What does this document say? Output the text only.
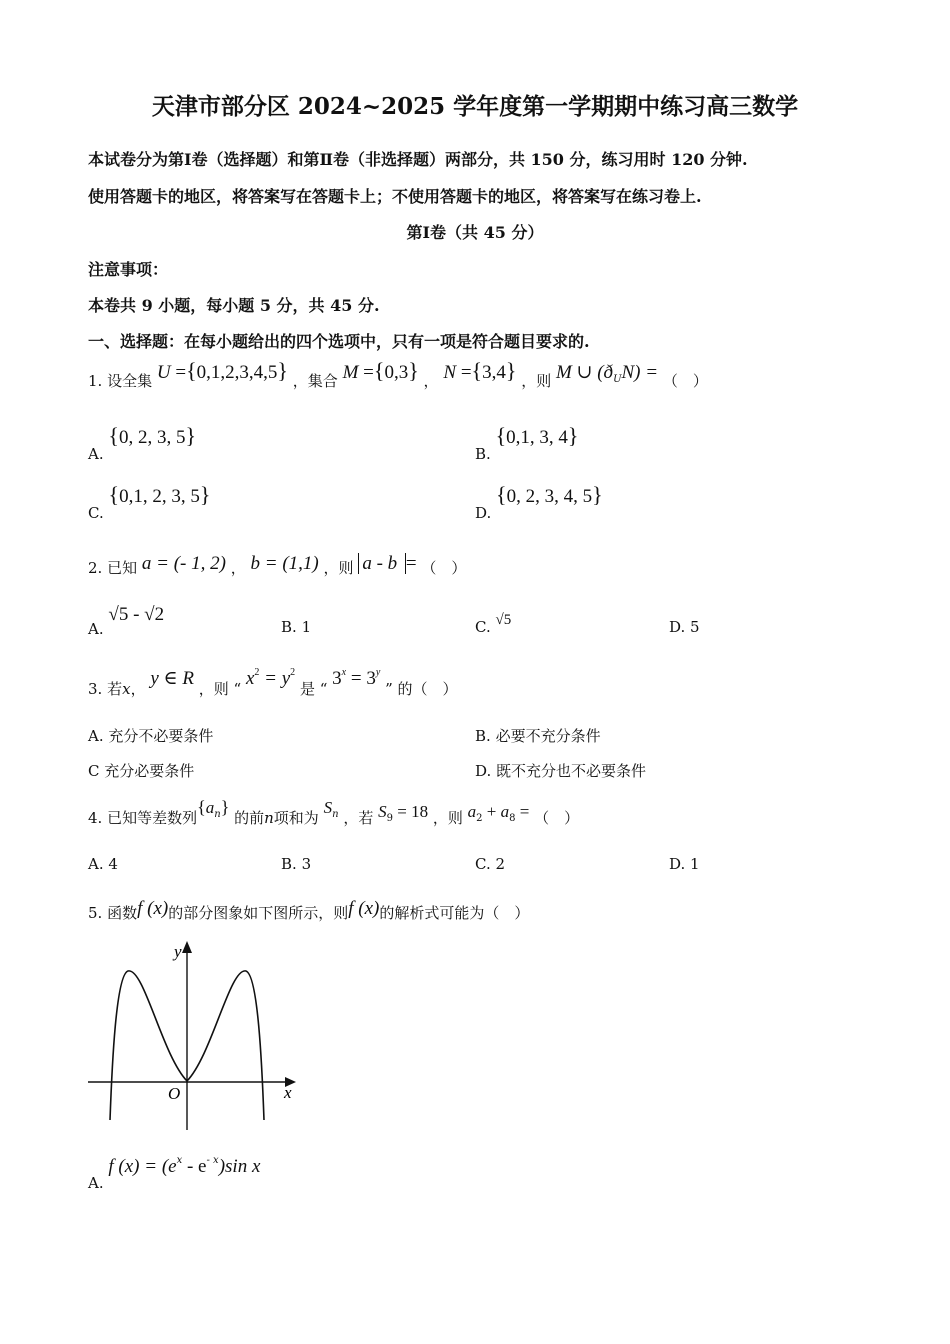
天津市部分区 2024~2025 学年度第一学期期中练习高三数学
本试卷分为第Ⅰ卷（选择题）和第Ⅱ卷（非选择题）两部分，共 150 分，练习用时 120 分钟.
使用答题卡的地区，将答案写在答题卡上；不使用答题卡的地区，将答案写在练习卷上.
第Ⅰ卷（共 45 分）
注意事项：
本卷共 9 小题，每小题 5 分，共 45 分.
一、选择题：在每小题给出的四个选项中，只有一项是符合题目要求的.
1. 设全集 U ={0,1,2,3,4,5} ，集合 M ={0,3} ， N ={3,4} ，则 M ∪ $(ð^UN)$ = （　）
A. {0, 2, 3, 5}
B. {0,1, 3, 4}
C. {0,1, 2, 3, 5}
D. {0, 2, 3, 4, 5}
2. 已知 a = (- 1, 2) ， b = (1,1) ，则 a - b = （　）
A. √5 - √2
B. 1	C. √5	D. 5
3. 若x， y ∈ R ，则 “ $x^2 = y^2$ 是 “ $3^x = 3^y$ ” 的（　）
A. 充分不必要条件	B. 必要不充分条件
C 充分必要条件	D. 既不充分也不必要条件
4. 已知等差数列$\{a^n\}$ 的前n项和为 $S^n$ ，若 $S_9 = 18$ ，则 $a_2 + a_8$ = （　）
A. 4	B. 3	C. 2	D. 1
5. 函数f (x)的部分图象如下图所示，则f (x)的解析式可能为（　）
y
x
O
A. f $(x) = (e^x - e^{- x})\sin$ x
